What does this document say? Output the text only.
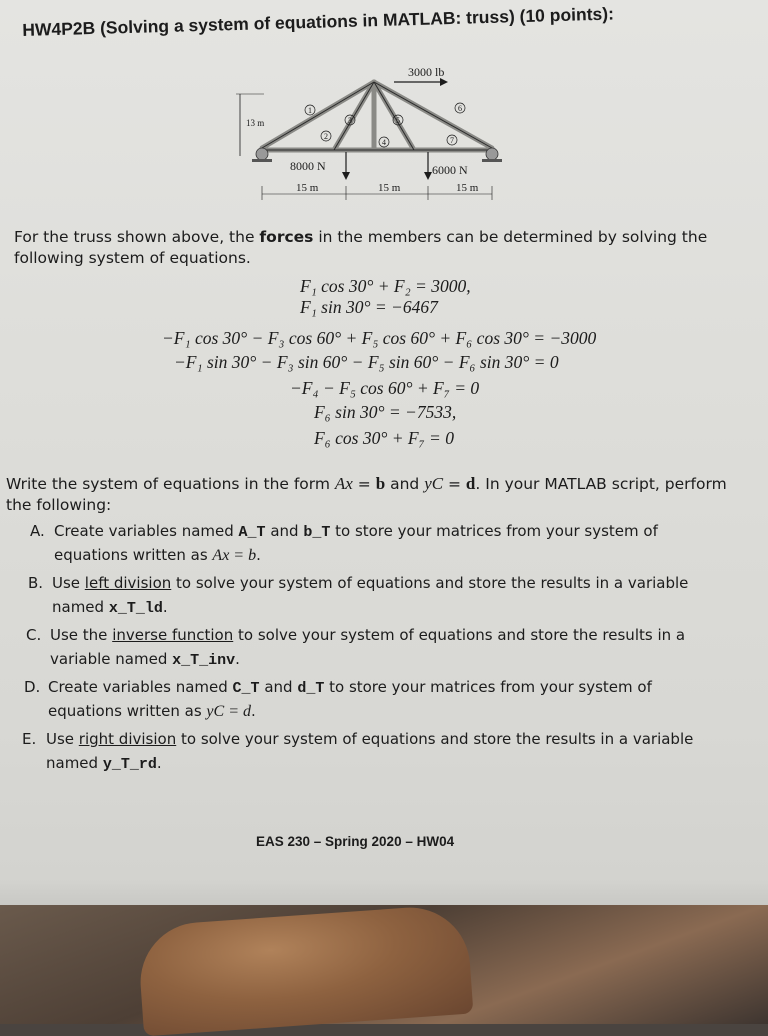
HW4P2B (Solving a system of equations in MATLAB: truss) (10 points):
3000 lb
13 m
1
2
3
4
5
6
7
8000 N	6000 N
15 m	15 m	15 m
For the truss shown above, the forces in the members can be determined by solving the
following system of equations.
F₁ cos 30° + F₂ = 3000,
F₁ sin 30° = −6467
−F₁ cos 30° − F₃ cos 60° + F₅ cos 60° + F₆ cos 30° = −3000
−F₁ sin 30° − F₃ sin 60° − F₅ sin 60° − F₆ sin 30° = 0
−F₄ − F₅ cos 60° + F₇ = 0
F₆ sin 30° = −7533,
F₆ cos 30° + F₇ = 0
Write the system of equations in the form Ax = b and yC = d. In your MATLAB script, perform
the following:
A. Create variables named A_T and b_T to store your matrices from your system of
equations written as Ax = b.
B. Use left division to solve your system of equations and store the results in a variable
named x_T_ld.
C. Use the inverse function to solve your system of equations and store the results in a
variable named x_T_inv.
D. Create variables named C_T and d_T to store your matrices from your system of
equations written as yC = d.
E. Use right division to solve your system of equations and store the results in a variable
named y_T_rd.
EAS 230 – Spring 2020 – HW04
